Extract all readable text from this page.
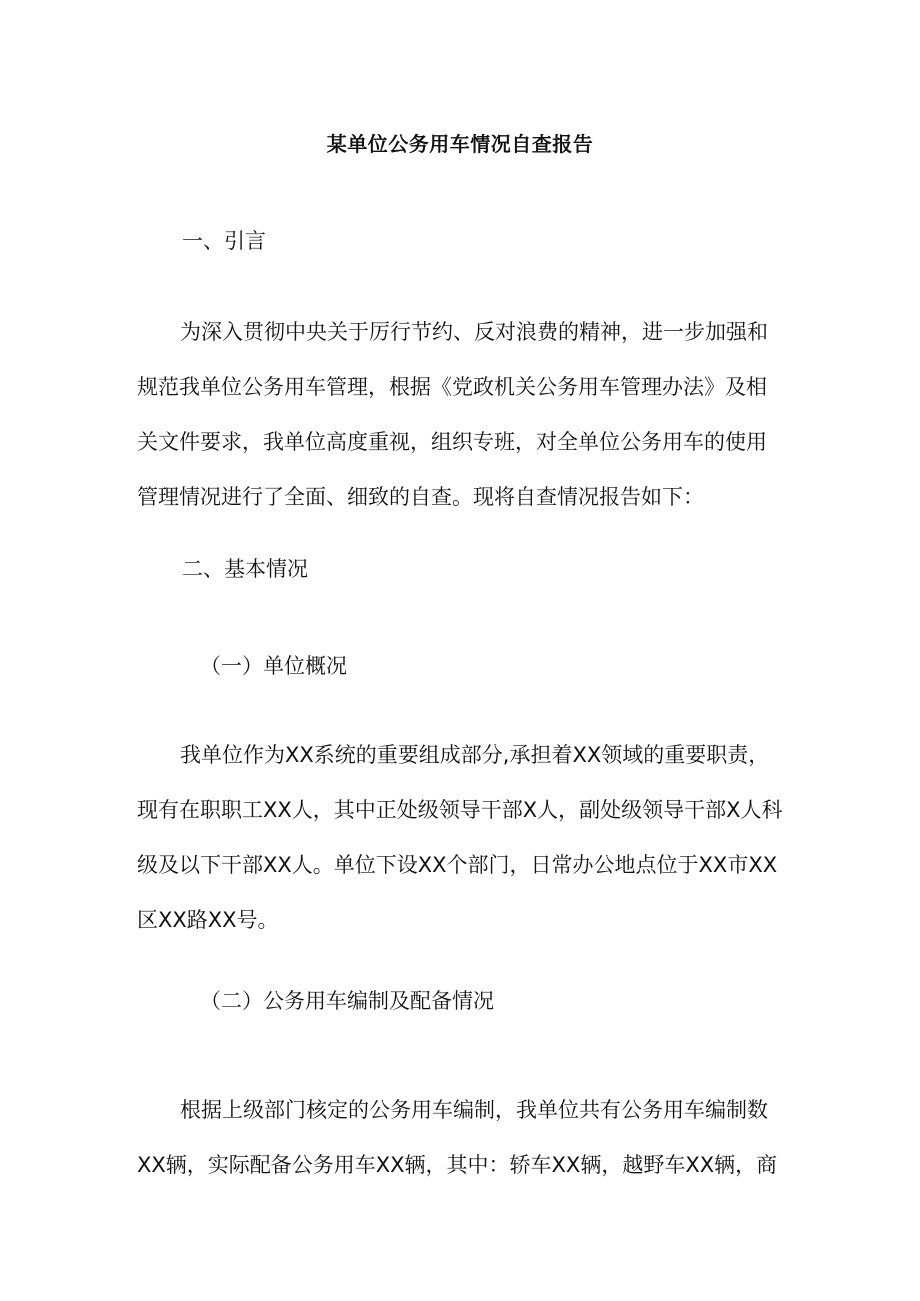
某单位公务用车情况自查报告

一、引言

为深入贯彻中央关于厉行节约、反对浪费的精神，进一步加强和
规范我单位公务用车管理，根据《党政机关公务用车管理办法》及相
关文件要求，我单位高度重视，组织专班，对全单位公务用车的使用
管理情况进行了全面、细致的自查。现将自查情况报告如下：

二、基本情况

（一）单位概况

我单位作为XX系统的重要组成部分,承担着XX领域的重要职责，
现有在职职工XX人，其中正处级领导干部X人，副处级领导干部X人科
级及以下干部XX人。单位下设XX个部门，日常办公地点位于XX市XX
区XX路XX号。

（二）公务用车编制及配备情况

根据上级部门核定的公务用车编制，我单位共有公务用车编制数
XX辆，实际配备公务用车XX辆，其中：轿车XX辆，越野车XX辆，商
